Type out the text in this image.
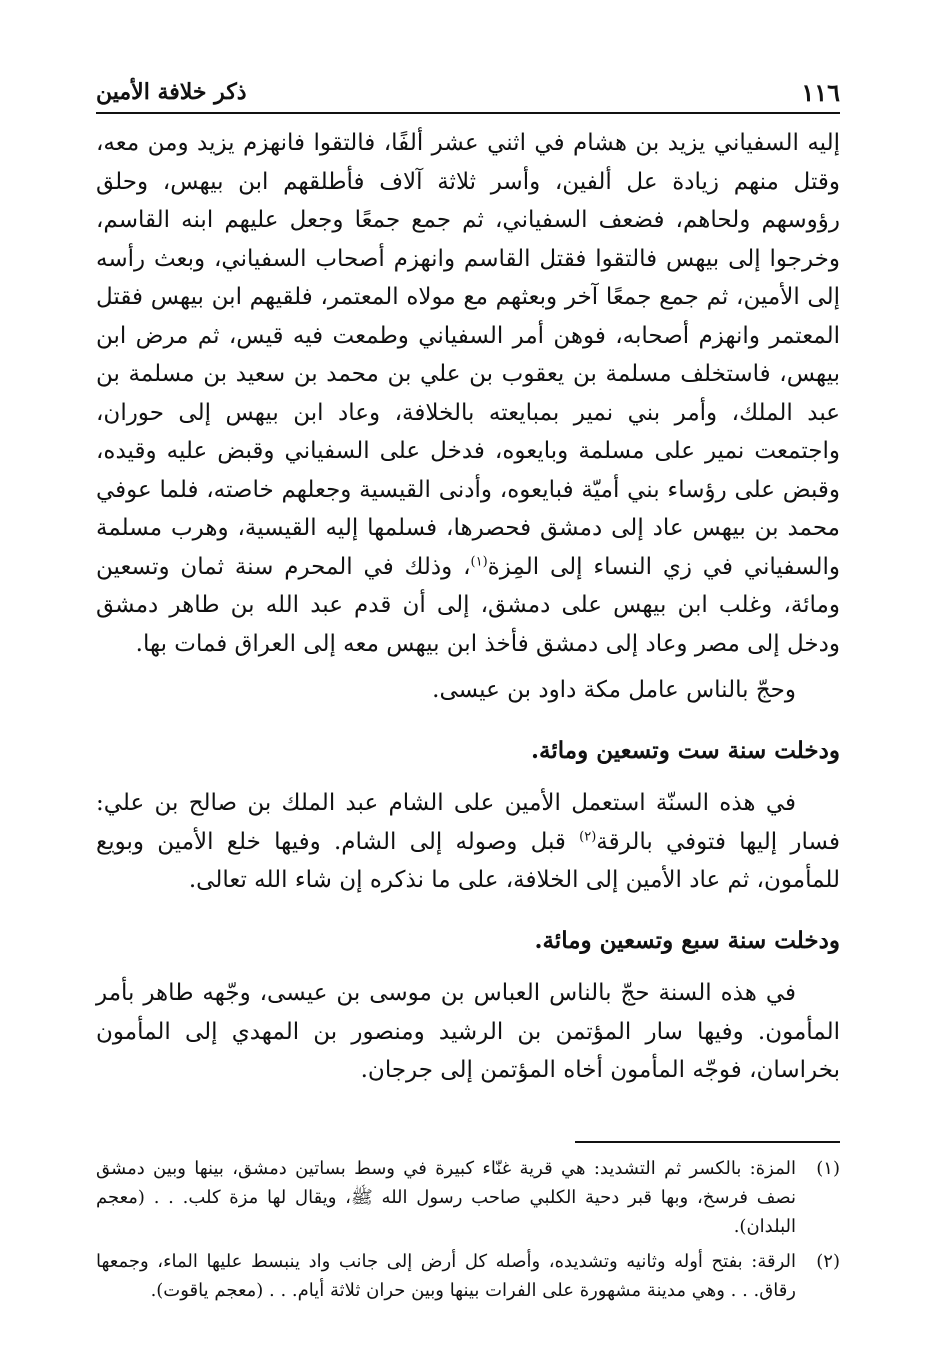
١١٦
ذكر خلافة الأمين

إليه السفياني يزيد بن هشام في اثني عشر ألفًا، فالتقوا فانهزم يزيد ومن معه، وقتل منهم زيادة عل ألفين، وأسر ثلاثة آلاف فأطلقهم ابن بيهس، وحلق رؤوسهم ولحاهم، فضعف السفياني، ثم جمع جمعًا وجعل عليهم ابنه القاسم، وخرجوا إلى بيهس فالتقوا فقتل القاسم وانهزم أصحاب السفياني، وبعث رأسه إلى الأمين، ثم جمع جمعًا آخر وبعثهم مع مولاه المعتمر، فلقيهم ابن بيهس فقتل المعتمر وانهزم أصحابه، فوهن أمر السفياني وطمعت فيه قيس، ثم مرض ابن بيهس، فاستخلف مسلمة بن يعقوب بن علي بن محمد بن سعيد بن مسلمة بن عبد الملك، وأمر بني نمير بمبايعته بالخلافة، وعاد ابن بيهس إلى حوران، واجتمعت نمير على مسلمة وبايعوه، فدخل على السفياني وقبض عليه وقيده، وقبض على رؤساء بني أميّة فبايعوه، وأدنى القيسية وجعلهم خاصته، فلما عوفي محمد بن بيهس عاد إلى دمشق فحصرها، فسلمها إليه القيسية، وهرب مسلمة والسفياني في زي النساء إلى المِزة$^{(١)}$، وذلك في المحرم سنة ثمان وتسعين ومائة، وغلب ابن بيهس على دمشق، إلى أن قدم عبد الله بن طاهر دمشق ودخل إلى مصر وعاد إلى دمشق فأخذ ابن بيهس معه إلى العراق فمات بها.

وحجّ بالناس عامل مكة داود بن عيسى.

ودخلت سنة ست وتسعين ومائة.

في هذه السنّة استعمل الأمين على الشام عبد الملك بن صالح بن علي: فسار إليها فتوفي بالرقة$^{(٢)}$ قبل وصوله إلى الشام. وفيها خلع الأمين وبويع للمأمون، ثم عاد الأمين إلى الخلافة، على ما نذكره إن شاء الله تعالى.

ودخلت سنة سبع وتسعين ومائة.

في هذه السنة حجّ بالناس العباس بن موسى بن عيسى، وجّهه طاهر بأمر المأمون. وفيها سار المؤتمن بن الرشيد ومنصور بن المهدي إلى المأمون بخراسان، فوجّه المأمون أخاه المؤتمن إلى جرجان.

(١)
المزة: بالكسر ثم التشديد: هي قرية غنّاء كبيرة في وسط بساتين دمشق، بينها وبين دمشق نصف فرسخ، وبها قبر دحية الكلبي صاحب رسول الله ﷺ، ويقال لها مزة كلب. . . (معجم البلدان).
(٢)
الرقة: بفتح أوله وثانيه وتشديده، وأصله كل أرض إلى جانب واد ينبسط عليها الماء، وجمعها رقاق. . . وهي مدينة مشهورة على الفرات بينها وبين حران ثلاثة أيام. . . (معجم ياقوت).
